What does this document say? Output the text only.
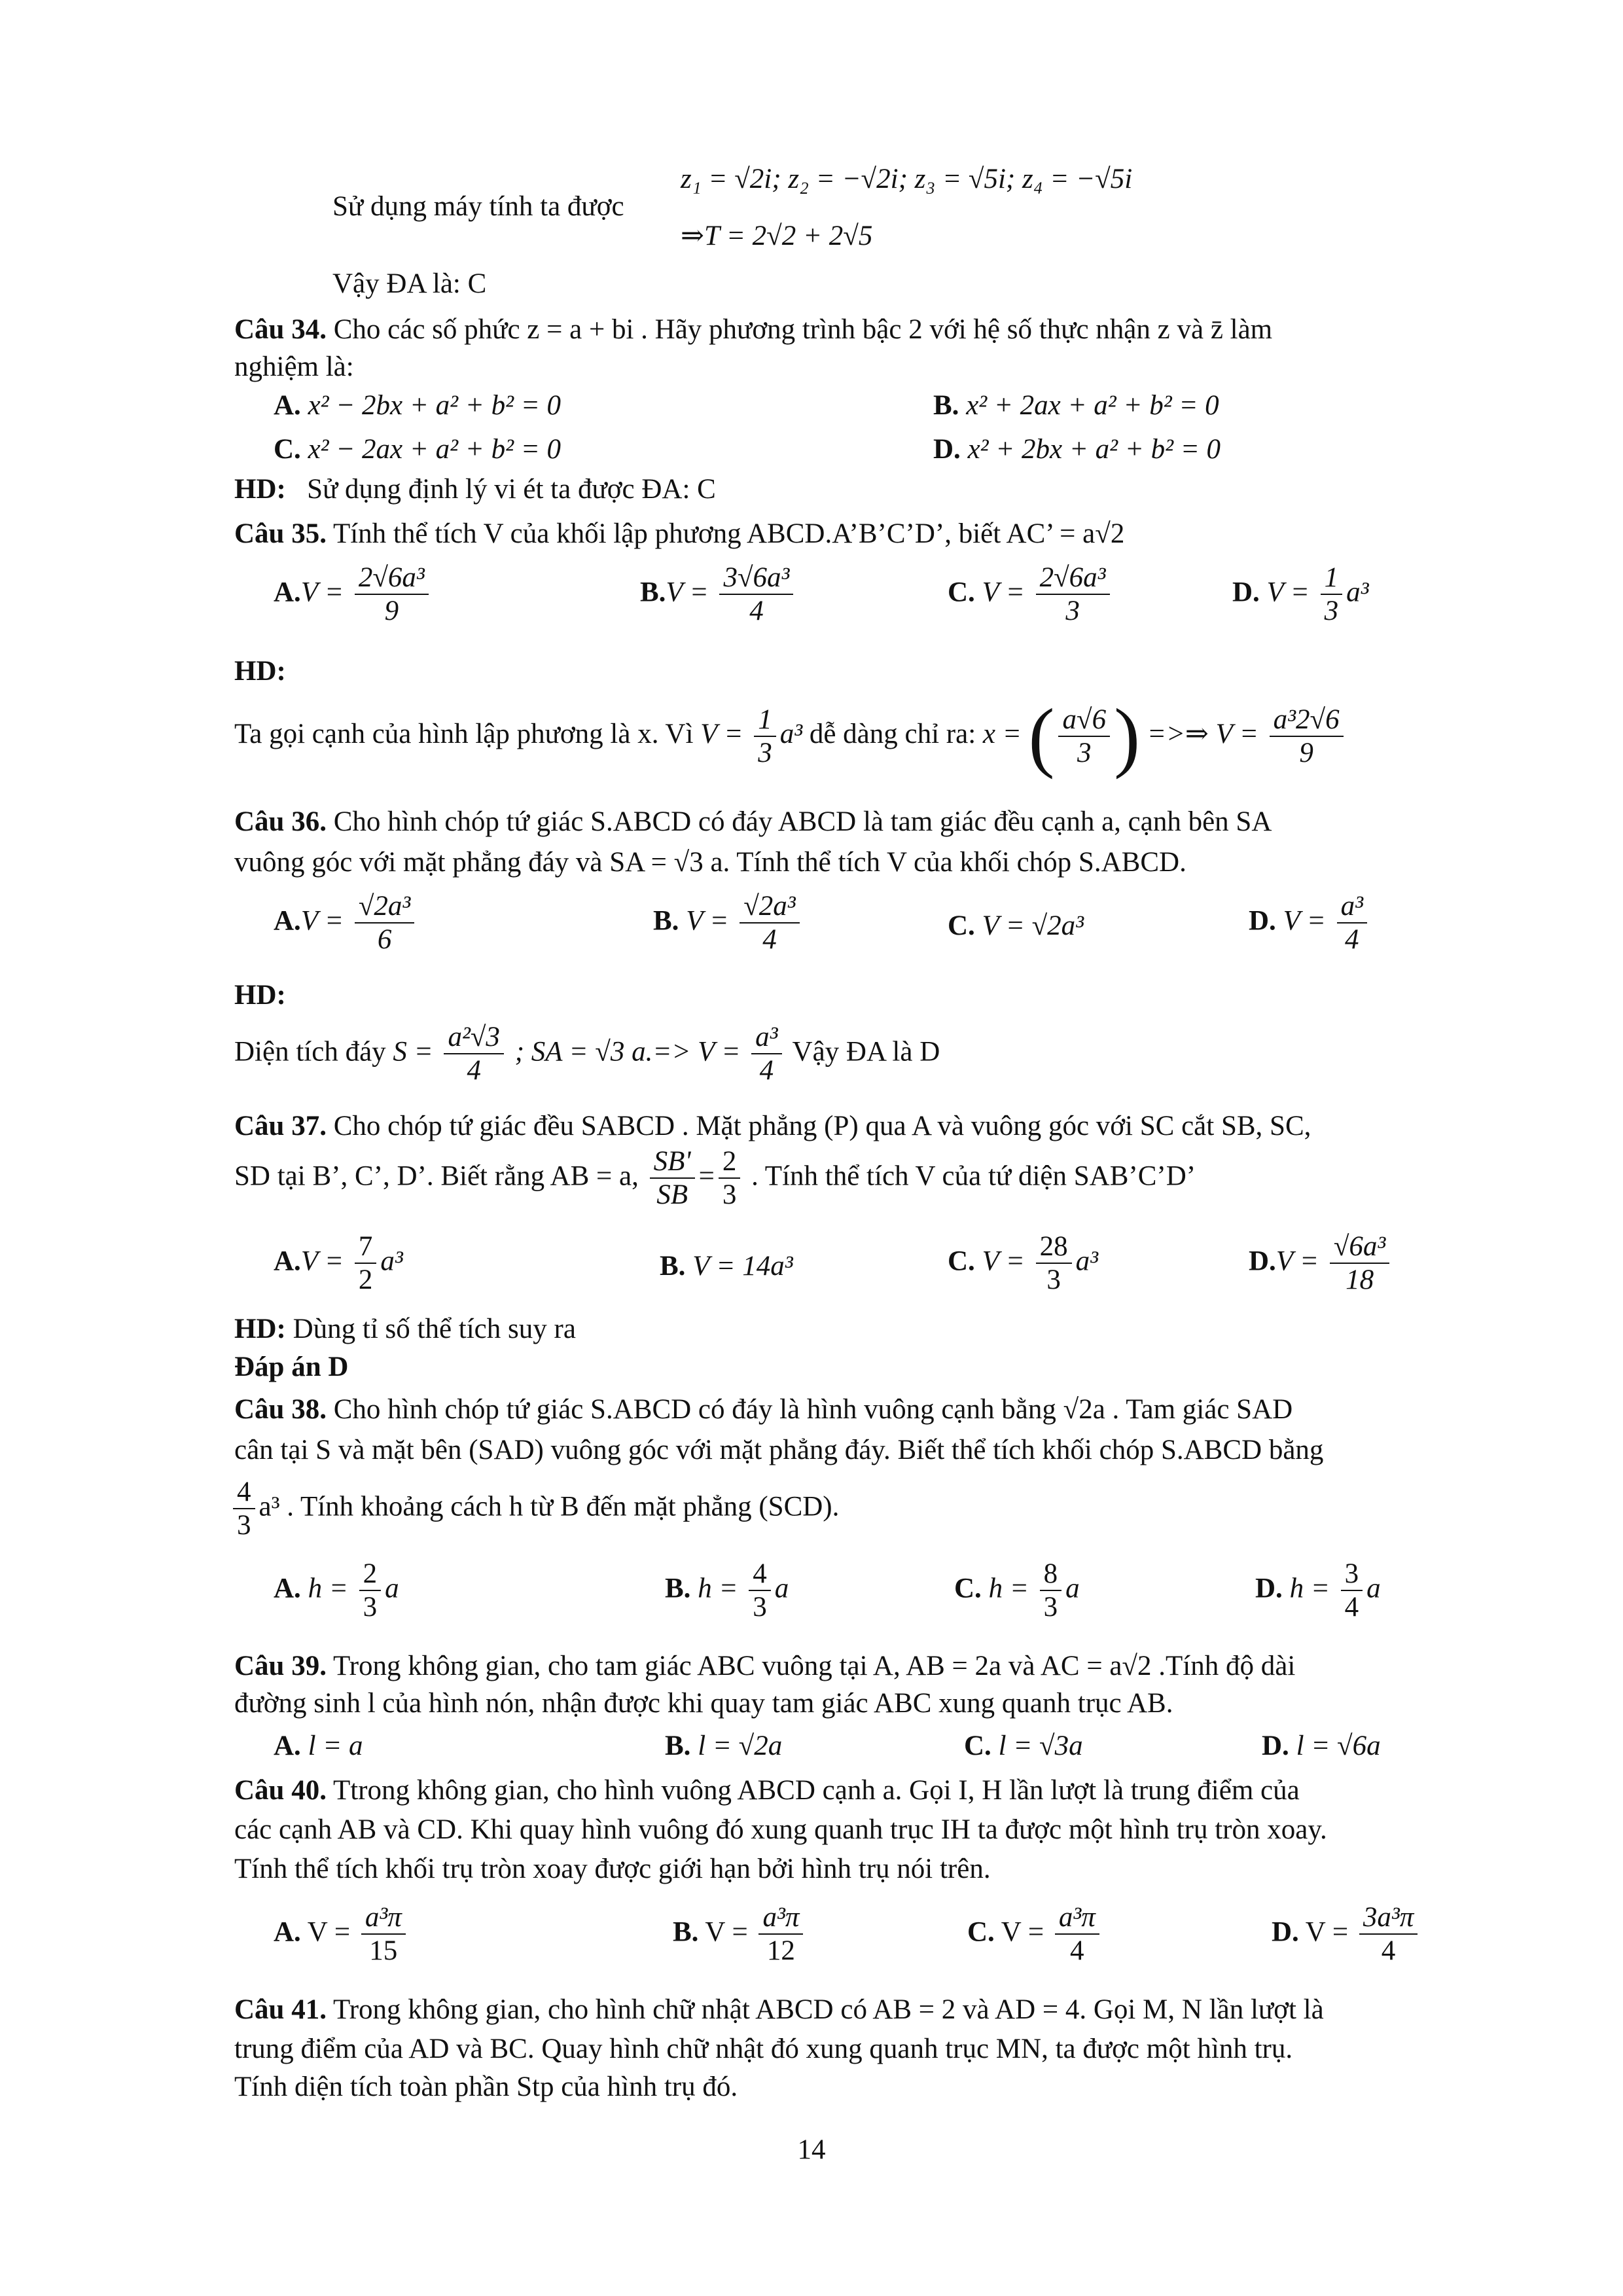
Sử dụng máy tính ta được
z₁ = √2i; z₂ = −√2i; z₃ = √5i; z₄ = −√5i
⇒T = 2√2 + 2√5
Vậy ĐA là: C
Câu 34. Cho các số phức z = a + bi . Hãy phương trình bậc 2 với hệ số thực nhận z và z̄ làm
nghiệm là:
A. x² − 2bx + a² + b² = 0	B. x² + 2ax + a² + b² = 0
C. x² − 2ax + a² + b² = 0	D. x² + 2bx + a² + b² = 0
HD: Sử dụng định lý vi ét ta được ĐA: C
Câu 35. Tính thể tích V của khối lập phương ABCD.A’B’C’D’, biết AC’ = a√2
$A.V = \frac{\text{2√6a³}}{9}$	$B.V = \frac{\text{3√6a³}}{4}$	C. $V = \frac{\text{2√6a³}}{3}$	D. $V = \frac{1}{3} a^3$
HD:
Ta gọi cạnh của hình lập phương là x. Vì $V = \frac{1}{3} a^3$ dễ dàng chỉ ra: x = ( $\frac{a√6}{3}$ ) =>⇒ $V = \frac{\text{a³2√6}}{9}$
Câu 36. Cho hình chóp tứ giác S.ABCD có đáy ABCD là tam giác đều cạnh a, cạnh bên SA
vuông góc với mặt phẳng đáy và SA = √3 a. Tính thể tích V của khối chóp S.ABCD.
$A.V = \frac{\text{√2a³}}{6}$	B. $V = \frac{\text{√2a³}}{4}$	C. V = √2a³	D. $V = \frac{\text{a³}}{4}$
HD:
Diện tích đáy $S = \frac{\text{a²√3}}{4}$ ; SA = √3 $a.=> V = \frac{\text{a³}}{4}$ Vậy ĐA là D
Câu 37. Cho chóp tứ giác đều SABCD . Mặt phẳng (P) qua A và vuông góc với SC cắt SB, SC,
SD tại B’, C’, D’. Biết rằng AB = a, $\frac{SB'}{SB} = \frac{2}{3}$ . Tính thể tích V của tứ diện SAB’C’D’
$A.V = \frac{7}{2} a^3$	B. V = 14a³	C. $V = \frac{28}{3} a^3$	$D.V = \frac{\text{√6a³}}{18}$
HD: Dùng tỉ số thể tích suy ra
Đáp án D
Câu 38. Cho hình chóp tứ giác S.ABCD có đáy là hình vuông cạnh bằng √2a . Tam giác SAD
cân tại S và mặt bên (SAD) vuông góc với mặt phẳng đáy. Biết thể tích khối chóp S.ABCD bằng
$\frac{4}{3} a^3$ . Tính khoảng cách h từ B đến mặt phẳng (SCD).
A. $h = \frac{2}{3}$ a	B. $h = \frac{4}{3}$ a	C. $h = \frac{8}{3}$ a	D. $h = \frac{3}{4}$ a
Câu 39. Trong không gian, cho tam giác ABC vuông tại A, AB = 2a và AC = a√2 .Tính độ dài
đường sinh l của hình nón, nhận được khi quay tam giác ABC xung quanh trục AB.
A. l = a	B. l = √2a	C. l = √3a	D. l = √6a
Câu 40. Ttrong không gian, cho hình vuông ABCD cạnh a. Gọi I, H lần lượt là trung điểm của
các cạnh AB và CD. Khi quay hình vuông đó xung quanh trục IH ta được một hình trụ tròn xoay.
Tính thể tích khối trụ tròn xoay được giới hạn bởi hình trụ nói trên.
A. $V = \frac{\text{a³π}}{15}$	B. $V = \frac{\text{a³π}}{12}$	C. $V = \frac{\text{a³π}}{4}$	D. $V = \frac{\text{3a³π}}{4}$
Câu 41. Trong không gian, cho hình chữ nhật ABCD có AB = 2 và AD = 4. Gọi M, N lần lượt là
trung điểm của AD và BC. Quay hình chữ nhật đó xung quanh trục MN, ta được một hình trụ.
Tính diện tích toàn phần Stp của hình trụ đó.
14
